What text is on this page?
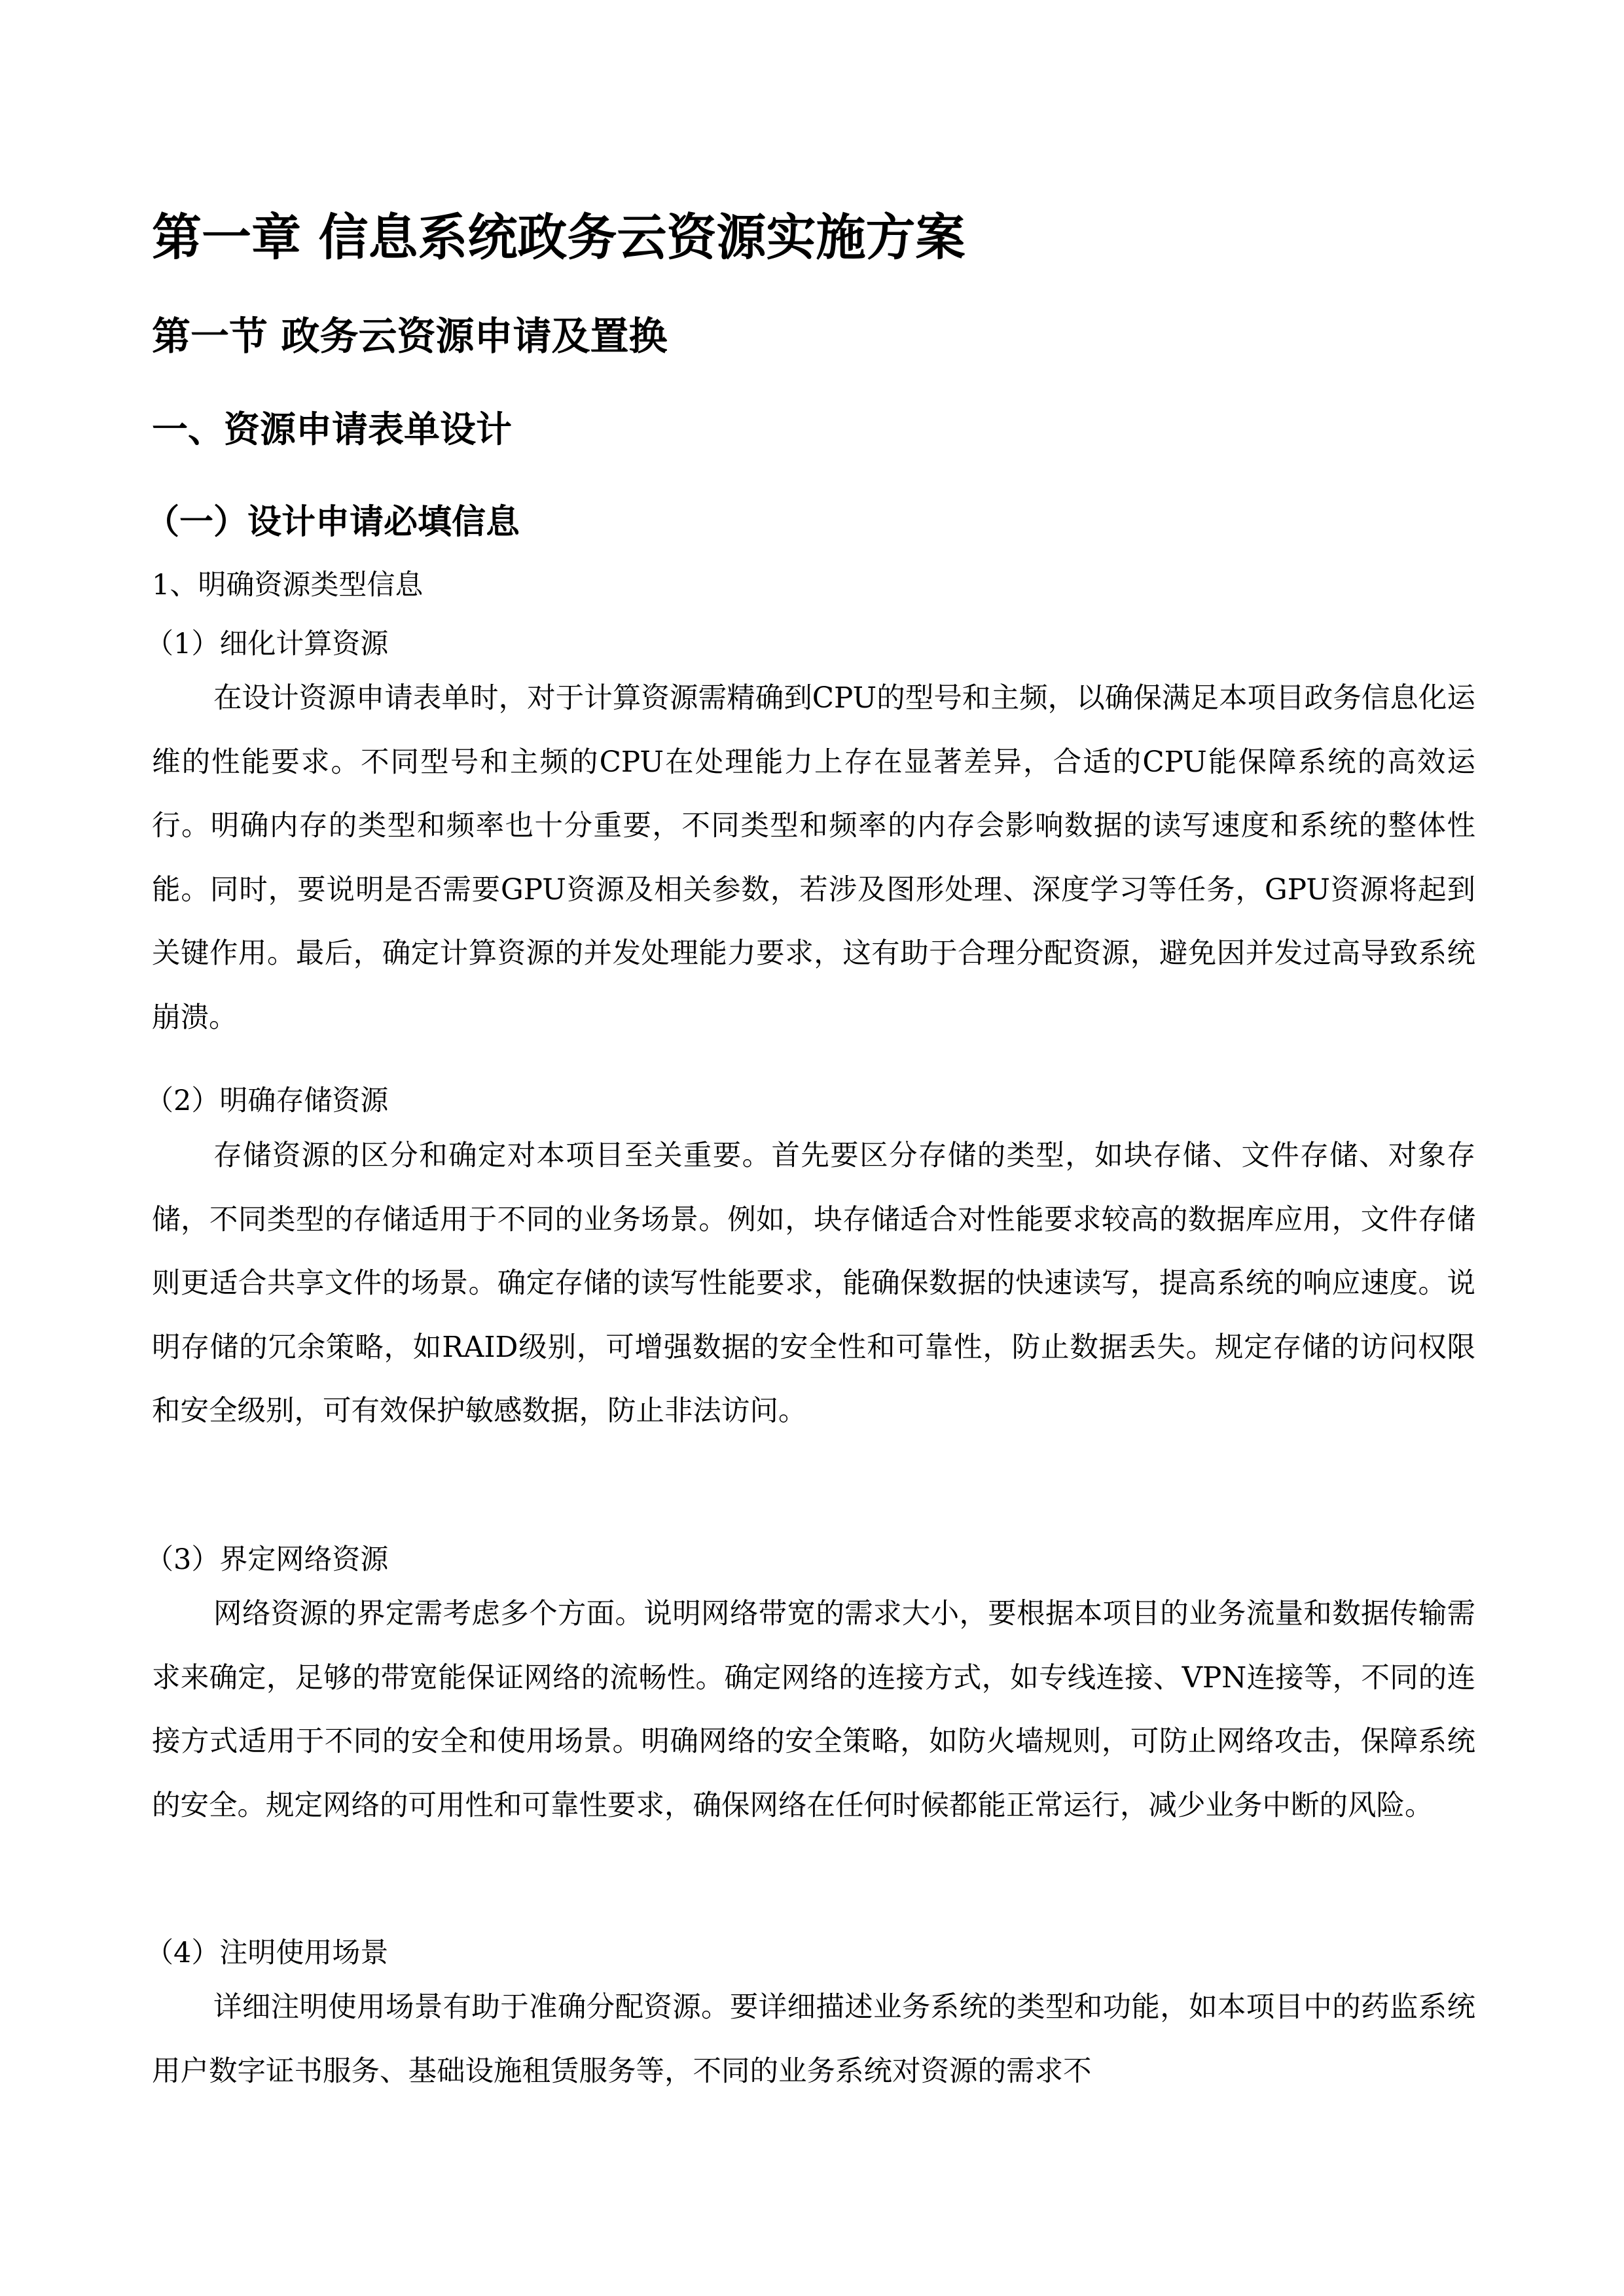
第一章 信息系统政务云资源实施方案
第一节 政务云资源申请及置换
一、资源申请表单设计
（一）设计申请必填信息
1、明确资源类型信息
（1）细化计算资源

在设计资源申请表单时，对于计算资源需精确到CPU的型号和主频，以确保满足本项目政务信息化运维的性能要求。不同型号和主频的CPU在处理能力上存在显著差异，合适的CPU能保障系统的高效运行。明确内存的类型和频率也十分重要，不同类型和频率的内存会影响数据的读写速度和系统的整体性能。同时，要说明是否需要GPU资源及相关参数，若涉及图形处理、深度学习等任务，GPU资源将起到关键作用。最后，确定计算资源的并发处理能力要求，这有助于合理分配资源，避免因并发过高导致系统崩溃。

（2）明确存储资源

存储资源的区分和确定对本项目至关重要。首先要区分存储的类型，如块存储、文件存储、对象存储，不同类型的存储适用于不同的业务场景。例如，块存储适合对性能要求较高的数据库应用，文件存储则更适合共享文件的场景。确定存储的读写性能要求，能确保数据的快速读写，提高系统的响应速度。说明存储的冗余策略，如RAID级别，可增强数据的安全性和可靠性，防止数据丢失。规定存储的访问权限和安全级别，可有效保护敏感数据，防止非法访问。

（3）界定网络资源

网络资源的界定需考虑多个方面。说明网络带宽的需求大小，要根据本项目的业务流量和数据传输需求来确定，足够的带宽能保证网络的流畅性。确定网络的连接方式，如专线连接、VPN连接等，不同的连接方式适用于不同的安全和使用场景。明确网络的安全策略，如防火墙规则，可防止网络攻击，保障系统的安全。规定网络的可用性和可靠性要求，确保网络在任何时候都能正常运行，减少业务中断的风险。

（4）注明使用场景

详细注明使用场景有助于准确分配资源。要详细描述业务系统的类型和功能，如本项目中的药监系统用户数字证书服务、基础设施租赁服务等，不同的业务系统对资源的需求不
